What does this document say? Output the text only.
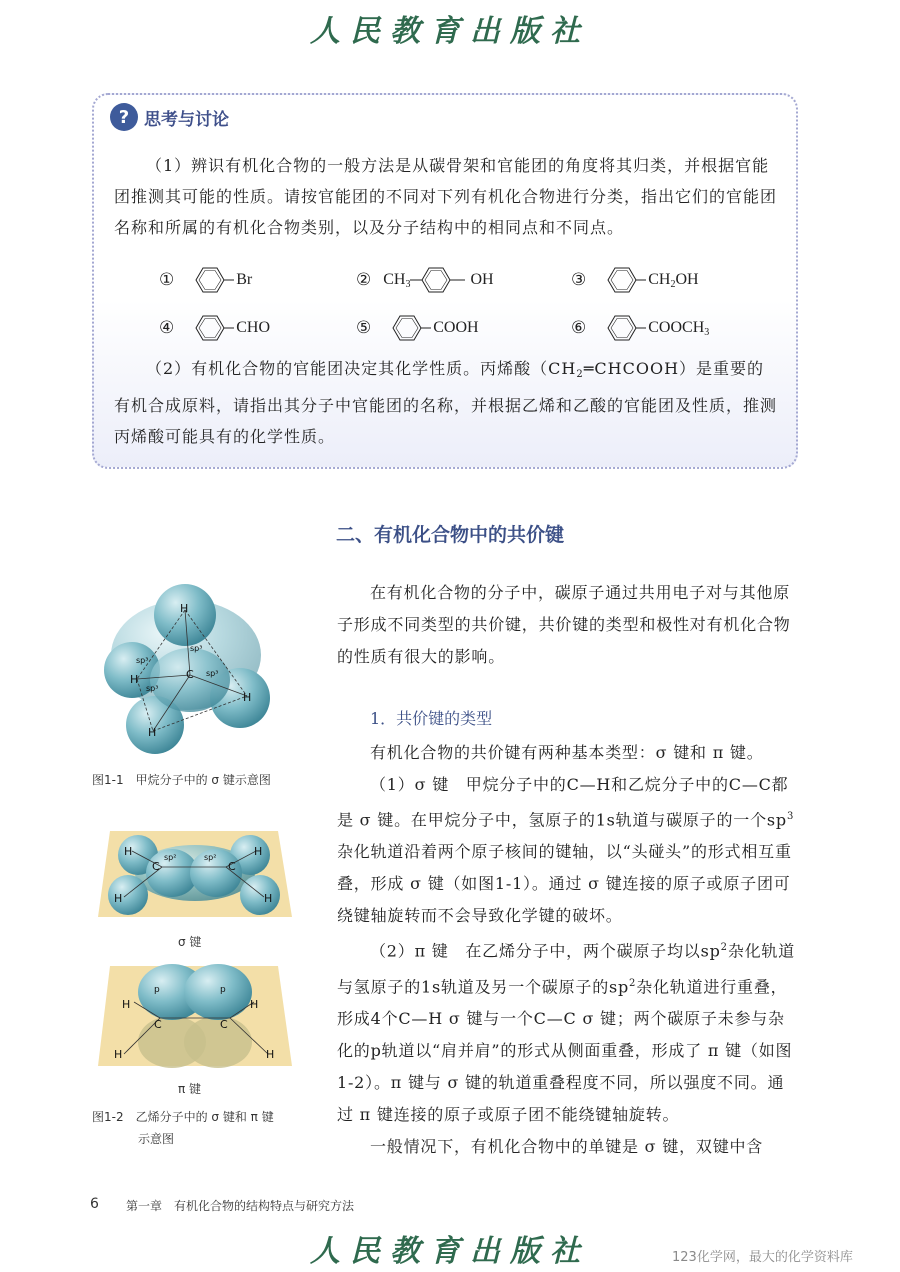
人民教育出版社
? 思考与讨论

（1）辨识有机化合物的一般方法是从碳骨架和官能团的角度将其归类，并根据官能团推测其可能的性质。请按官能团的不同对下列有机化合物进行分类，指出它们的官能团名称和所属的有机化合物类别，以及分子结构中的相同点和不同点。

①	Br	② $CH_3$	OH	③	$CH_2OH$
④	CHO	⑤	COOH	⑥	$COOCH_3$

（2）有机化合物的官能团决定其化学性质。丙烯酸$(CH_2═CHCOOH)$是重要的有机合成原料，请指出其分子中官能团的名称，并根据乙烯和乙酸的官能团及性质，推测丙烯酸可能具有的化学性质。

二、有机化合物中的共价键
H
H
H
H
C
sp³
sp³
sp³
sp³
图1-1　甲烷分子中的 σ 键示意图
H	H
H	H
C	C
sp²	sp²
σ 键
H	H
H	H
C	C
p	p
π 键
图1-2　乙烯分子中的 σ 键和 π 键
示意图

在有机化合物的分子中，碳原子通过共用电子对与其他原子形成不同类型的共价键，共价键的类型和极性对有机化合物的性质有很大的影响。

1．共价键的类型

有机化合物的共价键有两种基本类型：σ 键和 π 键。

（1）σ 键　甲烷分子中的C—H和乙烷分子中的C—C都是 σ 键。在甲烷分子中，氢原子的1s轨道与碳原子的一个$sp^3$杂化轨道沿着两个原子核间的键轴，以“头碰头”的形式相互重叠，形成 σ 键（如图1-1）。通过 σ 键连接的原子或原子团可绕键轴旋转而不会导致化学键的破坏。

（2）π 键　在乙烯分子中，两个碳原子均以$sp^2$杂化轨道与氢原子的1s轨道及另一个碳原子的$sp^2$杂化轨道进行重叠，形成4个C—H σ 键与一个C—C σ 键；两个碳原子未参与杂化的p轨道以“肩并肩”的形式从侧面重叠，形成了 π 键（如图1-2）。π 键与 σ 键的轨道重叠程度不同，所以强度不同。通过 π 键连接的原子或原子团不能绕键轴旋转。

一般情况下，有机化合物中的单键是 σ 键，双键中含

6 第一章　有机化合物的结构特点与研究方法
人民教育出版社	123化学网，最大的化学资料库
